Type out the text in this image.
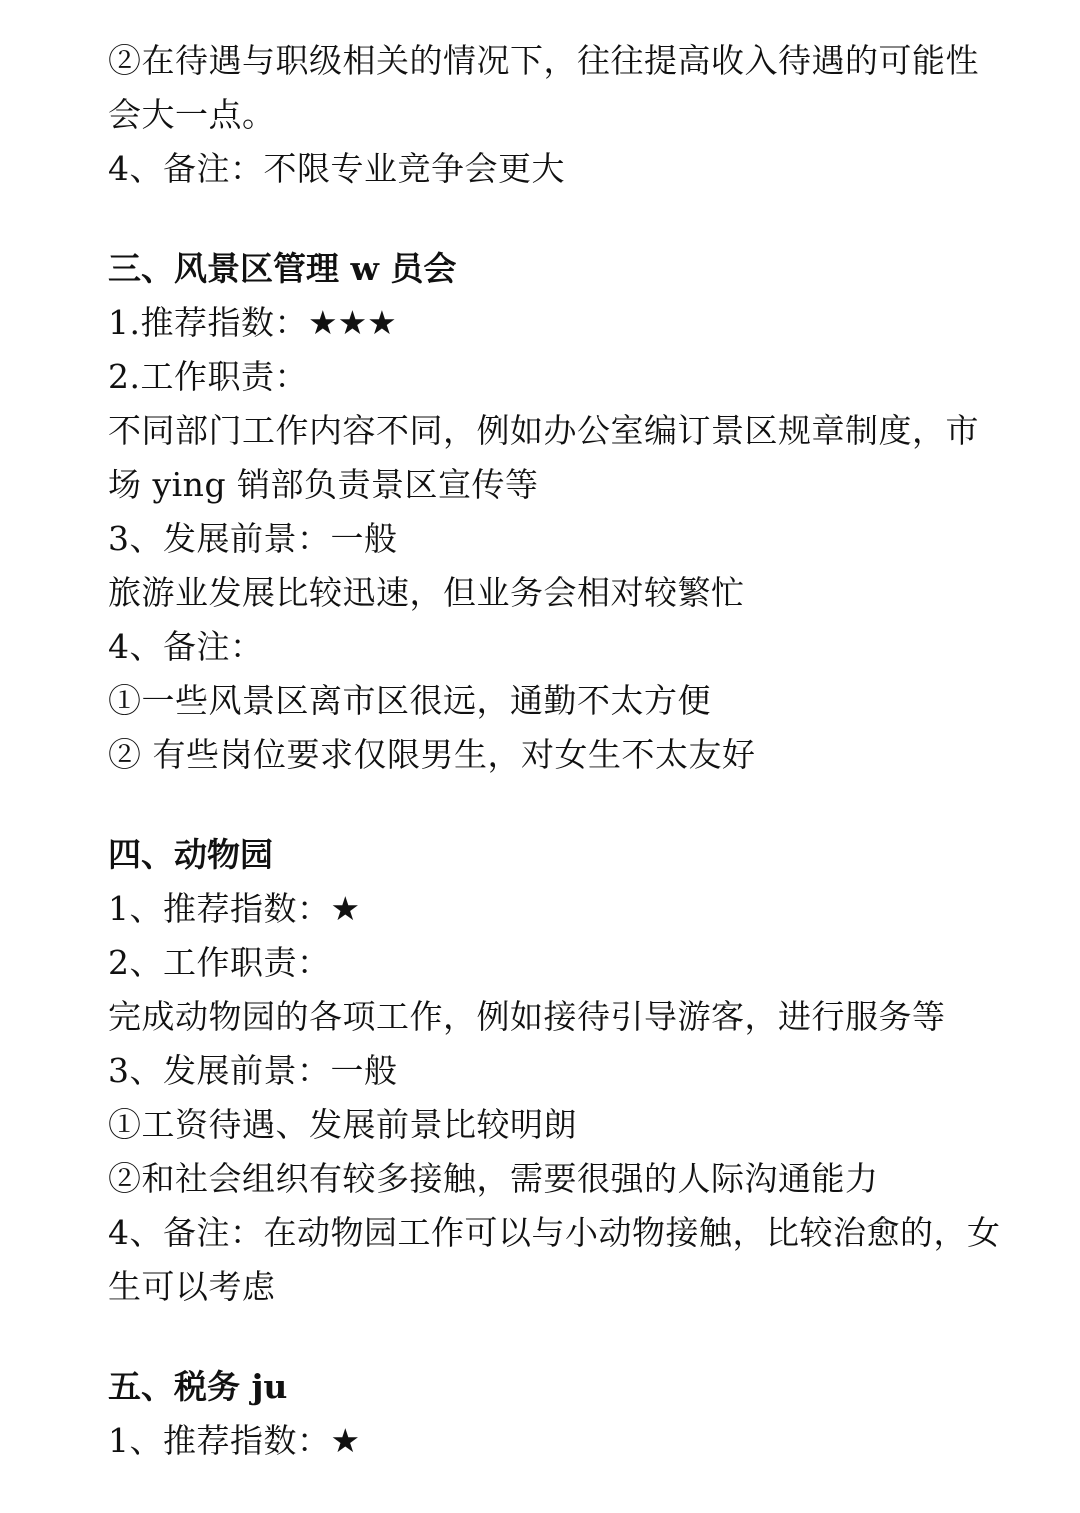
②在待遇与职级相关的情况下，往往提高收入待遇的可能性
会大一点。
4、备注：不限专业竞争会更大
三、风景区管理 w 员会
1.推荐指数：★★★
2.工作职责：
不同部门工作内容不同，例如办公室编订景区规章制度，市
场 ying 销部负责景区宣传等
3、发展前景：一般
旅游业发展比较迅速，但业务会相对较繁忙
4、备注：
①一些风景区离市区很远，通勤不太方便
② 有些岗位要求仅限男生，对女生不太友好
四、动物园
1、推荐指数：★
2、工作职责：
完成动物园的各项工作，例如接待引导游客，进行服务等
3、发展前景：一般
①工资待遇、发展前景比较明朗
②和社会组织有较多接触，需要很强的人际沟通能力
4、备注：在动物园工作可以与小动物接触，比较治愈的，女
生可以考虑
五、税务 ju
1、推荐指数：★
